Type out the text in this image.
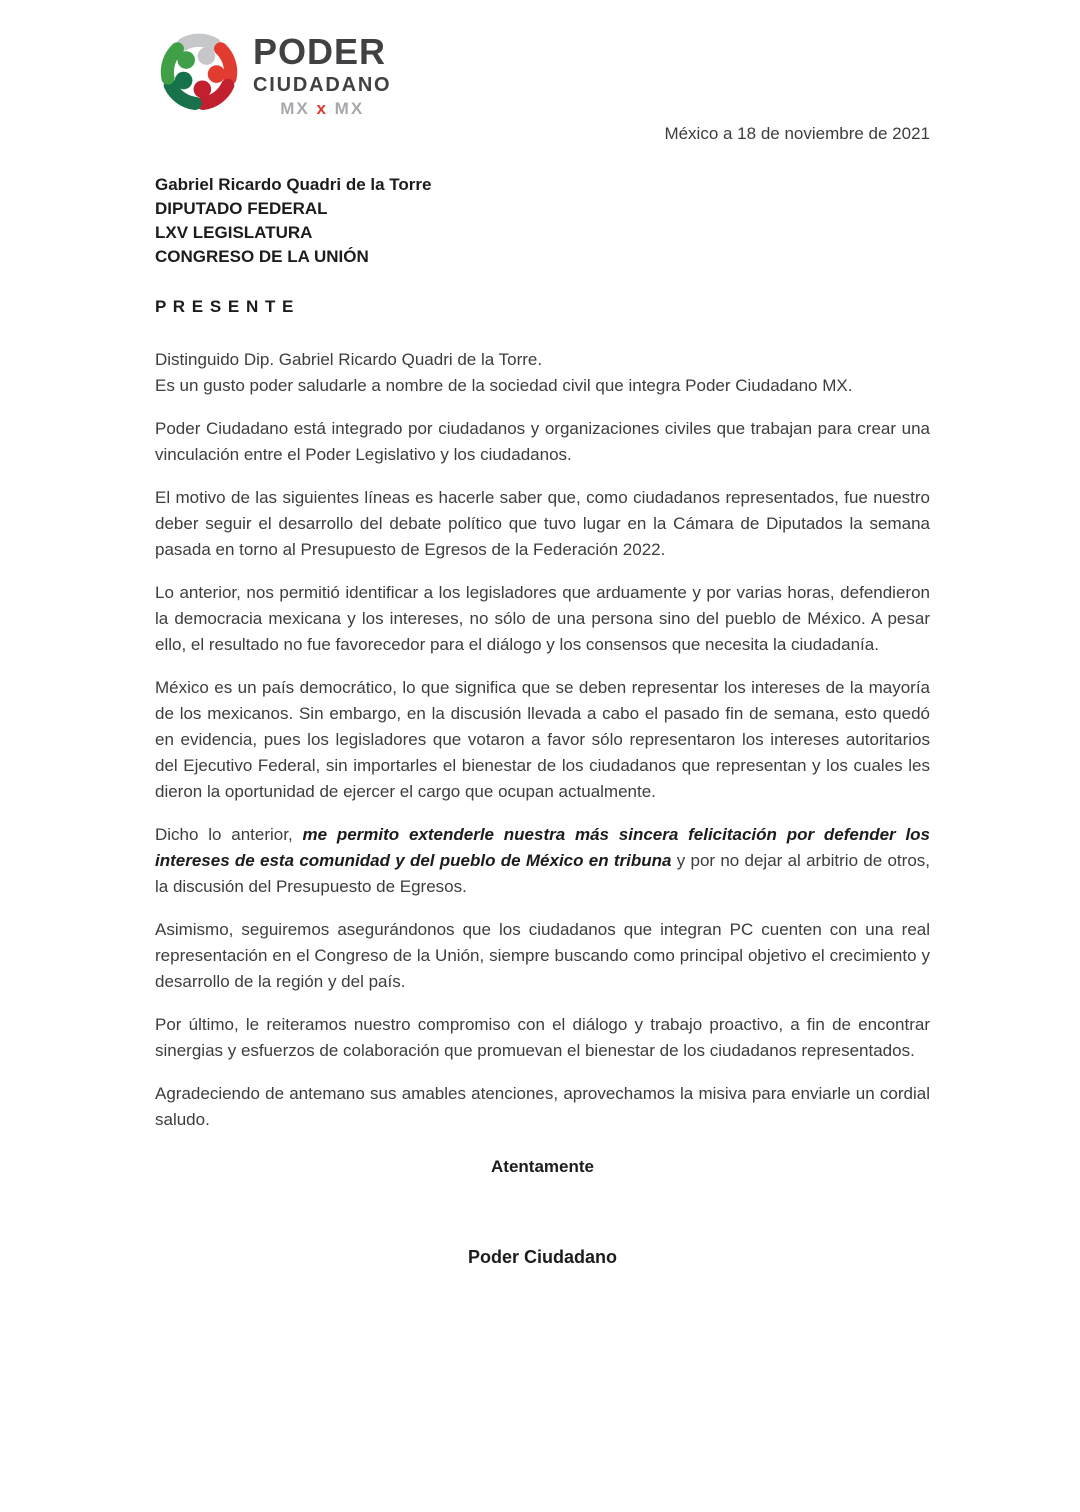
PODER
CIUDADANO
MX x MX
México a 18 de noviembre de 2021
Gabriel Ricardo Quadri de la Torre
DIPUTADO FEDERAL
LXV LEGISLATURA
CONGRESO DE LA UNIÓN
P R E S E N T E

Distinguido Dip. Gabriel Ricardo Quadri de la Torre.
Es un gusto poder saludarle a nombre de la sociedad civil que integra Poder Ciudadano MX.

Poder Ciudadano está integrado por ciudadanos y organizaciones civiles que trabajan para crear una vinculación entre el Poder Legislativo y los ciudadanos.

El motivo de las siguientes líneas es hacerle saber que, como ciudadanos representados, fue nuestro deber seguir el desarrollo del debate político que tuvo lugar en la Cámara de Diputados la semana pasada en torno al Presupuesto de Egresos de la Federación 2022.

Lo anterior, nos permitió identificar a los legisladores que arduamente y por varias horas, defendieron la democracia mexicana y los intereses, no sólo de una persona sino del pueblo de México. A pesar ello, el resultado no fue favorecedor para el diálogo y los consensos que necesita la ciudadanía.

México es un país democrático, lo que significa que se deben representar los intereses de la mayoría de los mexicanos. Sin embargo, en la discusión llevada a cabo el pasado fin de semana, esto quedó en evidencia, pues los legisladores que votaron a favor sólo representaron los intereses autoritarios del Ejecutivo Federal, sin importarles el bienestar de los ciudadanos que representan y los cuales les dieron la oportunidad de ejercer el cargo que ocupan actualmente.

Dicho lo anterior, me permito extenderle nuestra más sincera felicitación por defender los intereses de esta comunidad y del pueblo de México en tribuna y por no dejar al arbitrio de otros, la discusión del Presupuesto de Egresos.

Asimismo, seguiremos asegurándonos que los ciudadanos que integran PC cuenten con una real representación en el Congreso de la Unión, siempre buscando como principal objetivo el crecimiento y desarrollo de la región y del país.

Por último, le reiteramos nuestro compromiso con el diálogo y trabajo proactivo, a fin de encontrar sinergias y esfuerzos de colaboración que promuevan el bienestar de los ciudadanos representados.

Agradeciendo de antemano sus amables atenciones, aprovechamos la misiva para enviarle un cordial saludo.

Atentamente
Poder Ciudadano
